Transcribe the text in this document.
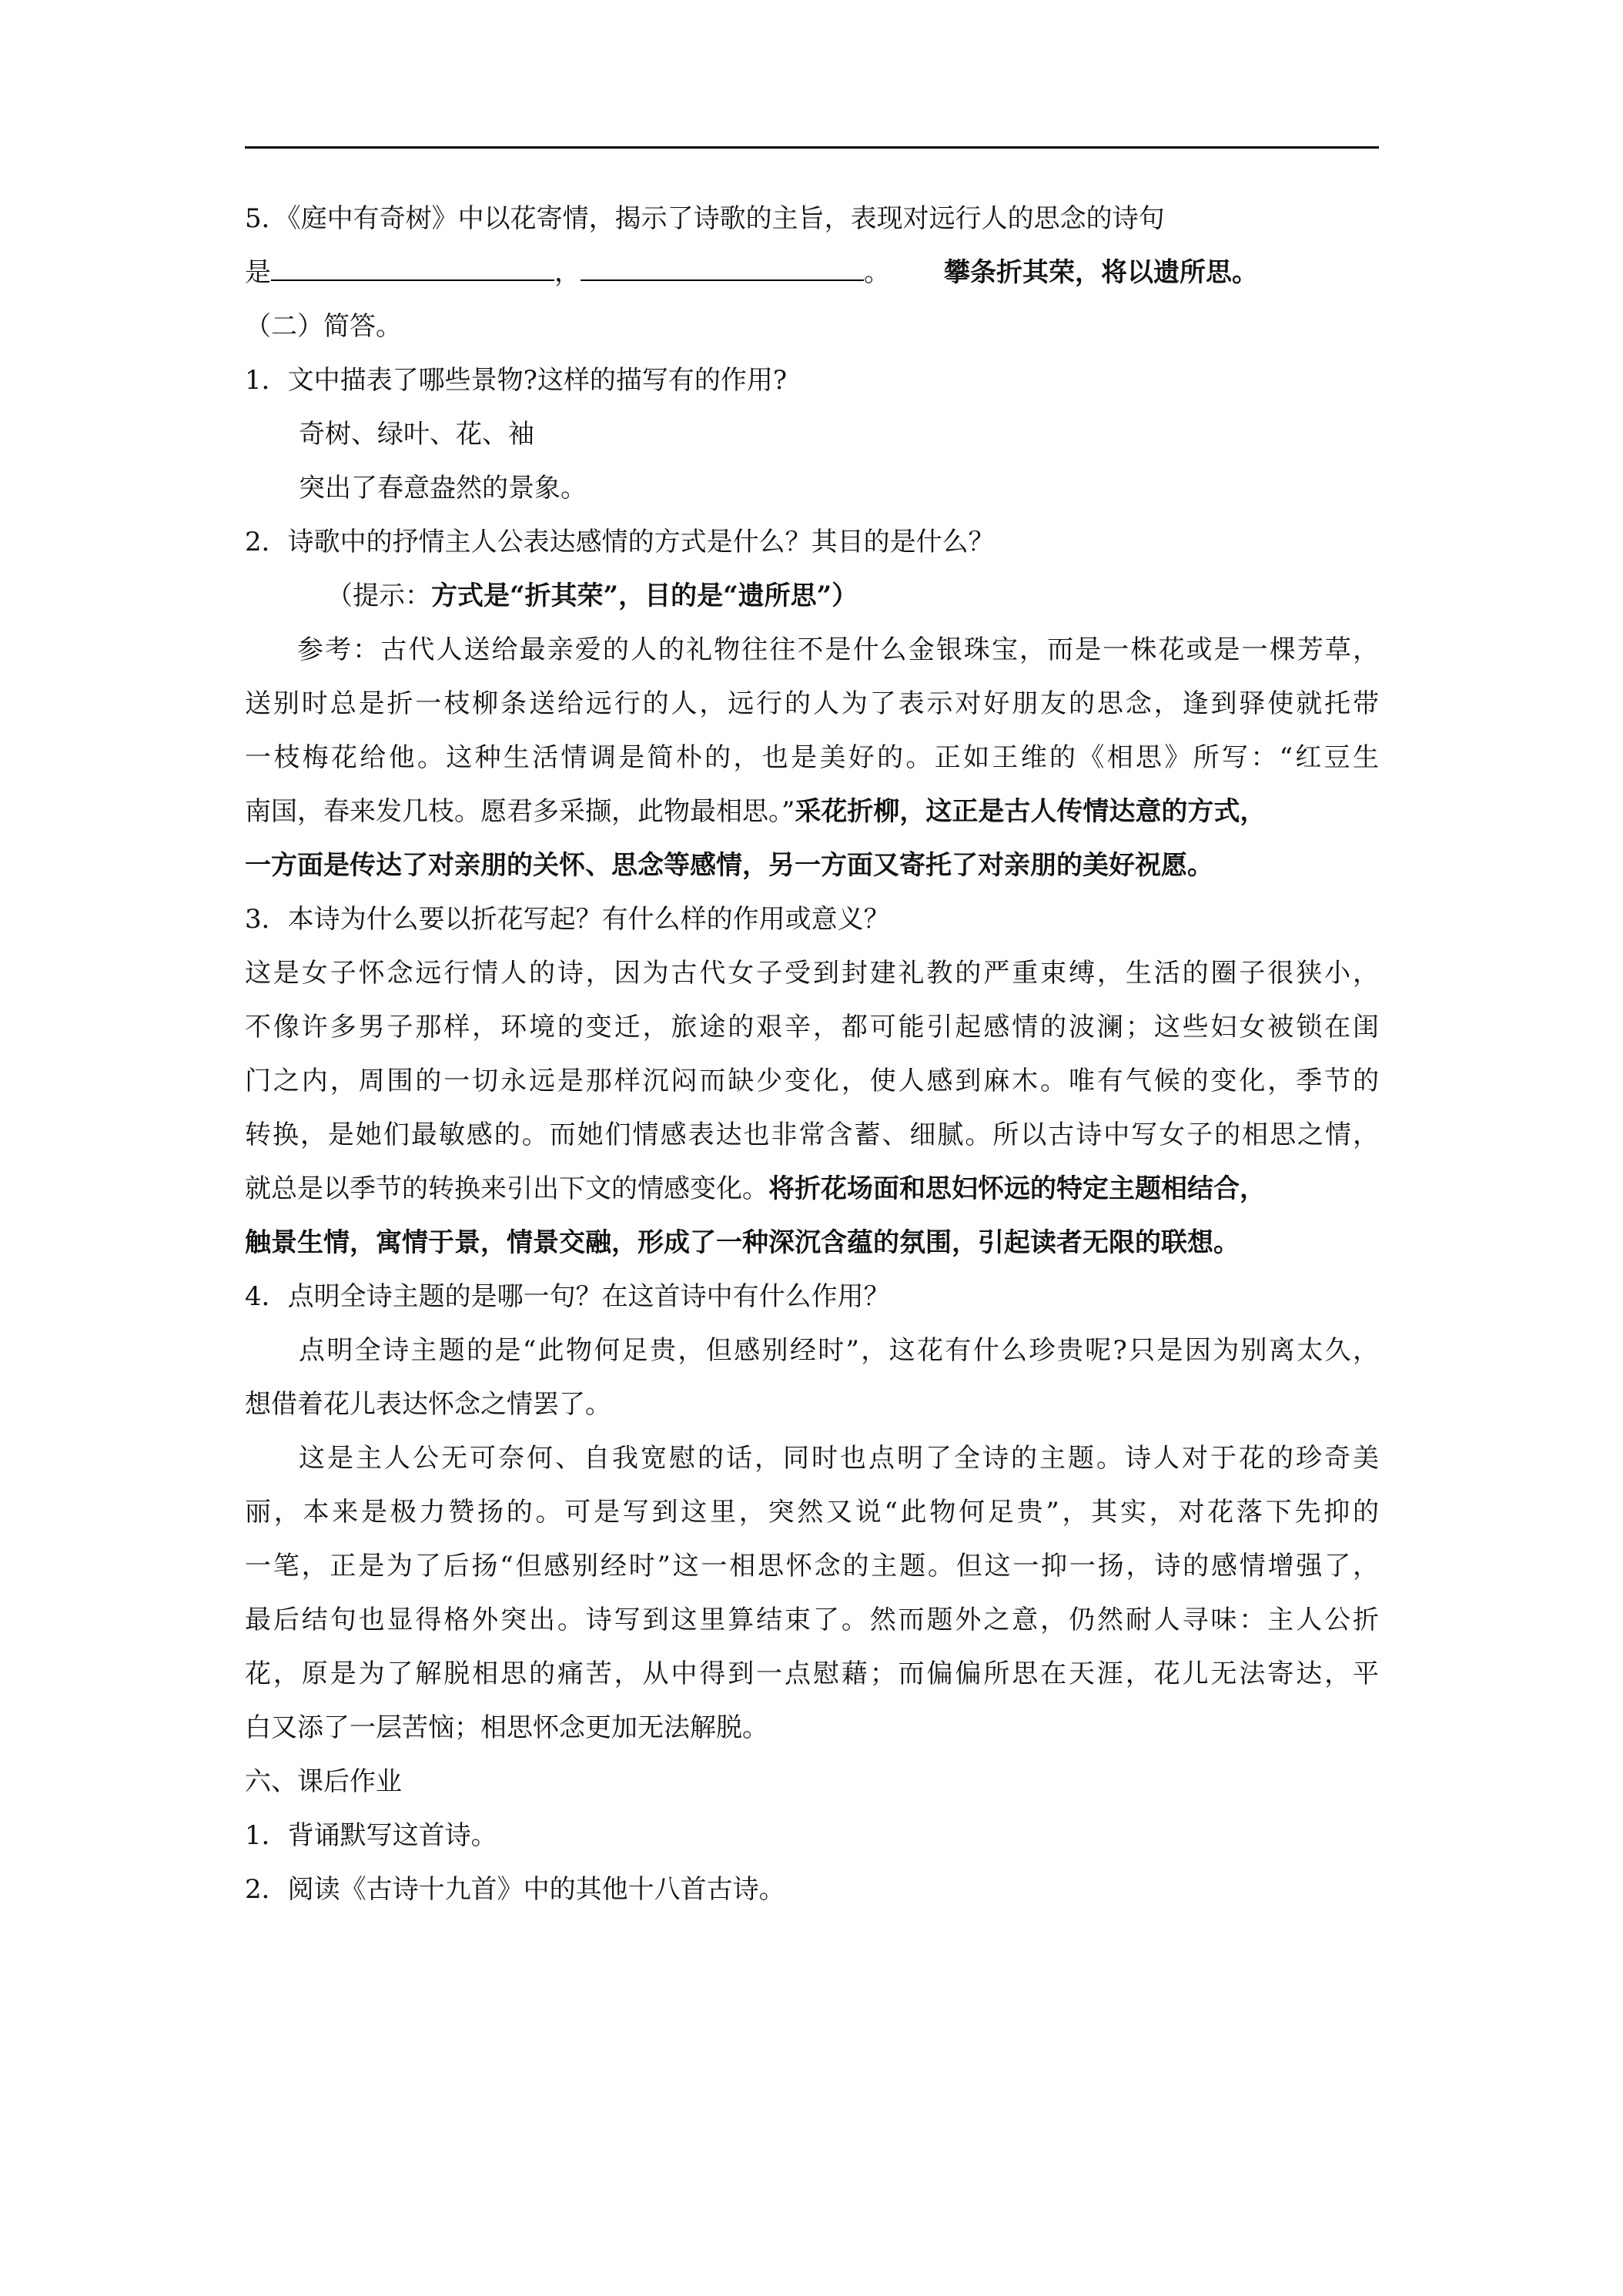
5．《庭中有奇树》中以花寄情，揭示了诗歌的主旨，表现对远行人的思念的诗句
是	，	。 攀条折其荣，将以遗所思。
（二）简答。
1．文中描表了哪些景物?这样的描写有的作用?
奇树、绿叶、花、袖
突出了春意盎然的景象。
2．诗歌中的抒情主人公表达感情的方式是什么？其目的是什么？
（提示：方式是“折其荣”，目的是“遗所思”）
参考：古代人送给最亲爱的人的礼物往往不是什么金银珠宝，而是一株花或是一棵芳草，
送别时总是折一枝柳条送给远行的人，远行的人为了表示对好朋友的思念，逢到驿使就托带
一枝梅花给他。这种生活情调是简朴的，也是美好的。正如王维的《相思》所写：“红豆生
南国，春来发几枝。愿君多采撷，此物最相思。”采花折柳，这正是古人传情达意的方式，
一方面是传达了对亲朋的关怀、思念等感情，另一方面又寄托了对亲朋的美好祝愿。
3．本诗为什么要以折花写起？有什么样的作用或意义？
这是女子怀念远行情人的诗，因为古代女子受到封建礼教的严重束缚，生活的圈子很狭小，
不像许多男子那样，环境的变迁，旅途的艰辛，都可能引起感情的波澜；这些妇女被锁在闺
门之内，周围的一切永远是那样沉闷而缺少变化，使人感到麻木。唯有气候的变化，季节的
转换，是她们最敏感的。而她们情感表达也非常含蓄、细腻。所以古诗中写女子的相思之情，
就总是以季节的转换来引出下文的情感变化。将折花场面和思妇怀远的特定主题相结合，
触景生情，寓情于景，情景交融，形成了一种深沉含蕴的氛围，引起读者无限的联想。
4．点明全诗主题的是哪一句？在这首诗中有什么作用？
点明全诗主题的是“此物何足贵，但感别经时”，这花有什么珍贵呢?只是因为别离太久，
想借着花儿表达怀念之情罢了。
这是主人公无可奈何、自我宽慰的话，同时也点明了全诗的主题。诗人对于花的珍奇美
丽，本来是极力赞扬的。可是写到这里，突然又说“此物何足贵”，其实，对花落下先抑的
一笔，正是为了后扬“但感别经时”这一相思怀念的主题。但这一抑一扬，诗的感情增强了，
最后结句也显得格外突出。诗写到这里算结束了。然而题外之意，仍然耐人寻味：主人公折
花，原是为了解脱相思的痛苦，从中得到一点慰藉；而偏偏所思在天涯，花儿无法寄达，平
白又添了一层苦恼；相思怀念更加无法解脱。
六、课后作业
1．背诵默写这首诗。
2．阅读《古诗十九首》中的其他十八首古诗。
